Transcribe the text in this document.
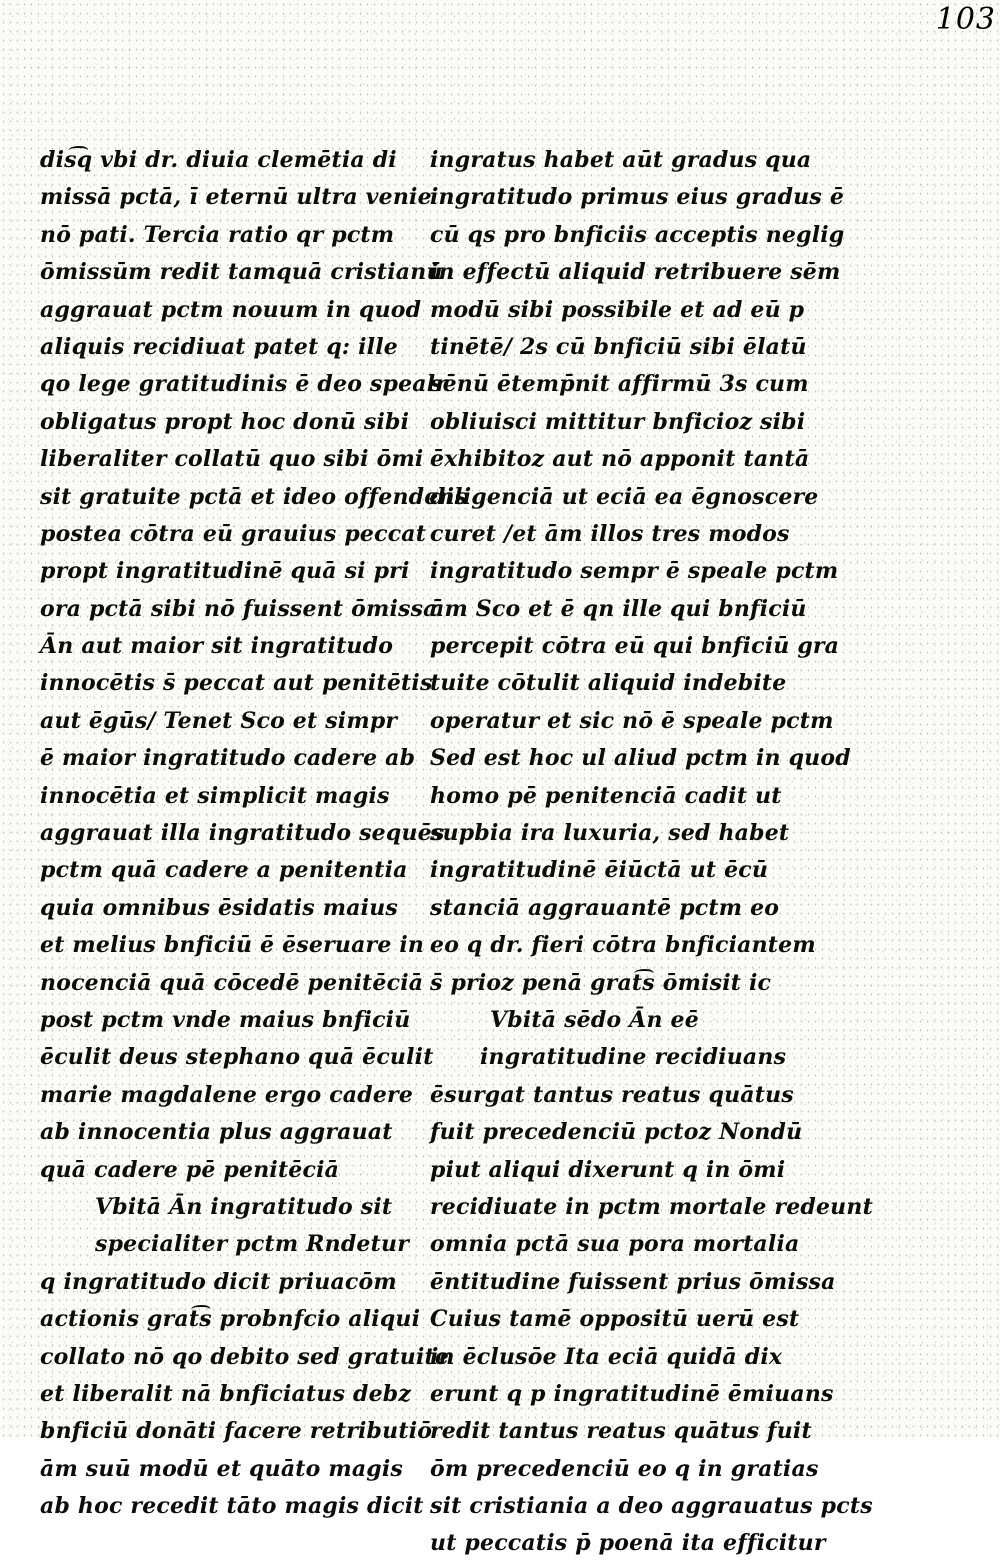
103
dis͡q vbi dr. diuia clemētia di
missā pctā, ī eternū ultra venie
nō pati. Tercia ratio qr pctm
ōmissūm redit tamquā cristianū
aggrauat pctm nouum in quod
aliquis recidiuat patet q: ille
qo lege gratitudinis ē deo spealr
obligatus propt hoc donū sibi
liberaliter collatū quo sibi ōmi
sit gratuite pctā et ideo offendens
postea cōtra eū grauius peccat
propt ingratitudinē quā si pri
ora pctā sibi nō fuissent ōmissa
Ān aut maior sit ingratitudo
innocētis s̄ peccat aut penitētis
aut ēgūs/ Tenet Sco et simpr
ē maior ingratitudo cadere ab
innocētia et simplicit magis
aggrauat illa ingratitudo sequēs
pctm quā cadere a penitentia
quia omnibus ēsidatis maius
et melius bnficiū ē ēseruare in
nocenciā quā cōcedē penitēciā
post pctm vnde maius bnficiū
ēculit deus stephano quā ēculit
marie magdalene ergo cadere
ab innocentia plus aggrauat
quā cadere pē penitēciā
Vbitā Ān ingratitudo sit
specialiter pctm Rndetur
q ingratitudo dicit priuacōm
actionis grat͡s probnfcio aliqui
collato nō qo debito sed gratuite
et liberalit nā bnficiatus debz
bnficiū donāti facere retributiō
ām suū modū et quāto magis
ab hoc recedit tāto magis dicit
ingratus habet aūt gradus qua
ingratitudo primus eius gradus ē
cū qs pro bnficiis acceptis neglig
in effectū aliquid retribuere sēm
modū sibi possibile et ad eū p
tinētē/ 2s cū bnficiū sibi ēlatū
sēnū ētemp̄nit affirmū 3s cum
obliuisci mittitur bnficioz sibi
ēxhibitoz aut nō apponit tantā
diligenciā ut eciā ea ēgnoscere
curet /et ām illos tres modos
ingratitudo sempr ē speale pctm
ām Sco et ē qn ille qui bnficiū
percepit cōtra eū qui bnficiū gra
tuite cōtulit aliquid indebite
operatur et sic nō ē speale pctm
Sed est hoc ul aliud pctm in quod
homo pē penitenciā cadit ut
supbia ira luxuria, sed habet
ingratitudinē ēiūctā ut ēcū
stanciā aggrauantē pctm eo
eo q dr. fieri cōtra bnficiantem
s̄ prioz penā grat͡s ōmisit ic
Vbitā sēdo Ān eē
ingratitudine recidiuans
ēsurgat tantus reatus quātus
fuit precedenciū pctoz Nondū
piut aliqui dixerunt q in ōmi
recidiuate in pctm mortale redeunt
omnia pctā sua pora mortalia
ēntitudine fuissent prius ōmissa
Cuius tamē oppositū uerū est
in ēclusōe Ita eciā quidā dix
erunt q p ingratitudinē ēmiuans
redit tantus reatus quātus fuit
ōm precedenciū eo q in gratias
sit cristiania a deo aggrauatus pcts
ut peccatis p̄ poenā ita efficitur
